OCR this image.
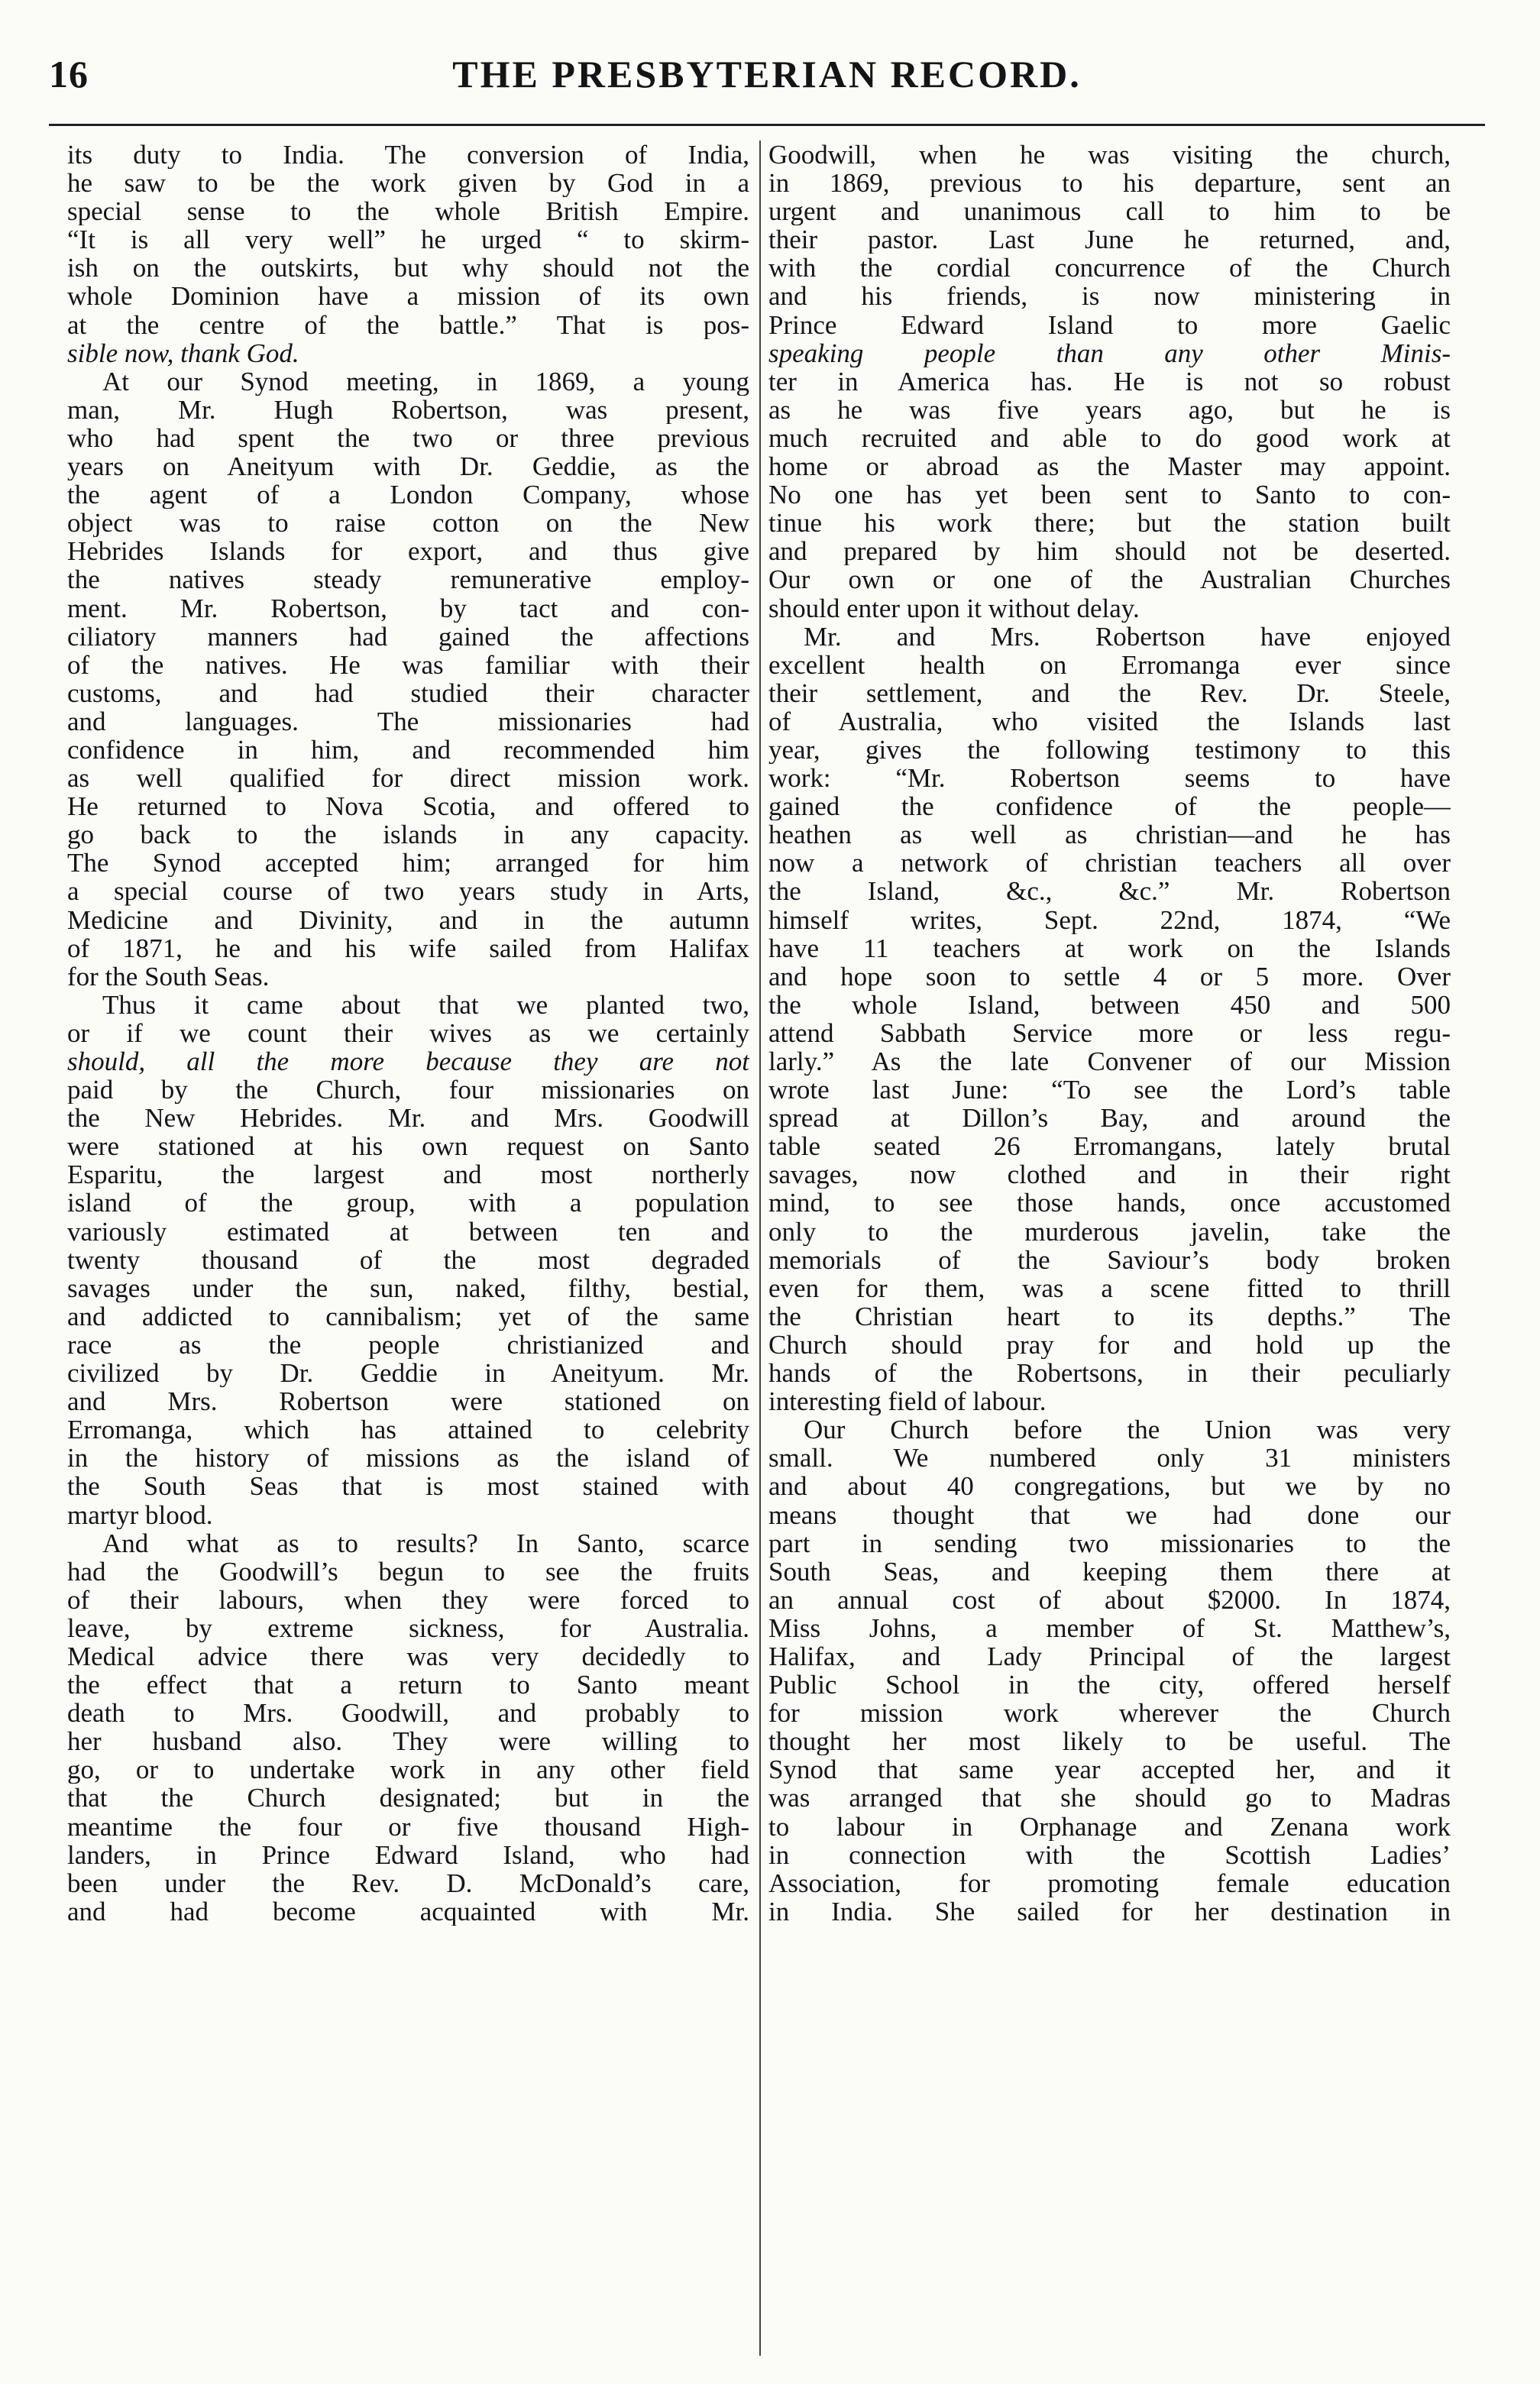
16	THE PRESBYTERIAN RECORD.
its duty to India. The conversion of India,
he saw to be the work given by God in a
special sense to the whole British Empire.
“It is all very well” he urged “ to skirm-
ish on the outskirts, but why should not the
whole Dominion have a mission of its own
at the centre of the battle.” That is pos-
sible now, thank God.
At our Synod meeting, in 1869, a young
man, Mr. Hugh Robertson, was present,
who had spent the two or three previous
years on Aneityum with Dr. Geddie, as the
the agent of a London Company, whose
object was to raise cotton on the New
Hebrides Islands for export, and thus give
the natives steady remunerative employ-
ment. Mr. Robertson, by tact and con-
ciliatory manners had gained the affections
of the natives. He was familiar with their
customs, and had studied their character
and languages. The missionaries had
confidence in him, and recommended him
as well qualified for direct mission work.
He returned to Nova Scotia, and offered to
go back to the islands in any capacity.
The Synod accepted him; arranged for him
a special course of two years study in Arts,
Medicine and Divinity, and in the autumn
of 1871, he and his wife sailed from Halifax
for the South Seas.
Thus it came about that we planted two,
or if we count their wives as we certainly
should, all the more because they are not
paid by the Church, four missionaries on
the New Hebrides. Mr. and Mrs. Goodwill
were stationed at his own request on Santo
Esparitu, the largest and most northerly
island of the group, with a population
variously estimated at between ten and
twenty thousand of the most degraded
savages under the sun, naked, filthy, bestial,
and addicted to cannibalism; yet of the same
race as the people christianized and
civilized by Dr. Geddie in Aneityum. Mr.
and Mrs. Robertson were stationed on
Erromanga, which has attained to celebrity
in the history of missions as the island of
the South Seas that is most stained with
martyr blood.
And what as to results? In Santo, scarce
had the Goodwill’s begun to see the fruits
of their labours, when they were forced to
leave, by extreme sickness, for Australia.
Medical advice there was very decidedly to
the effect that a return to Santo meant
death to Mrs. Goodwill, and probably to
her husband also. They were willing to
go, or to undertake work in any other field
that the Church designated; but in the
meantime the four or five thousand High-
landers, in Prince Edward Island, who had
been under the Rev. D. McDonald’s care,
and had become acquainted with Mr.
Goodwill, when he was visiting the church,
in 1869, previous to his departure, sent an
urgent and unanimous call to him to be
their pastor. Last June he returned, and,
with the cordial concurrence of the Church
and his friends, is now ministering in
Prince Edward Island to more Gaelic
speaking people than any other Minis-
ter in America has. He is not so robust
as he was five years ago, but he is
much recruited and able to do good work at
home or abroad as the Master may appoint.
No one has yet been sent to Santo to con-
tinue his work there; but the station built
and prepared by him should not be deserted.
Our own or one of the Australian Churches
should enter upon it without delay.
Mr. and Mrs. Robertson have enjoyed
excellent health on Erromanga ever since
their settlement, and the Rev. Dr. Steele,
of Australia, who visited the Islands last
year, gives the following testimony to this
work: “Mr. Robertson seems to have
gained the confidence of the people—
heathen as well as christian—and he has
now a network of christian teachers all over
the Island, &c., &c.” Mr. Robertson
himself writes, Sept. 22nd, 1874, “We
have 11 teachers at work on the Islands
and hope soon to settle 4 or 5 more. Over
the whole Island, between 450 and 500
attend Sabbath Service more or less regu-
larly.” As the late Convener of our Mission
wrote last June: “To see the Lord’s table
spread at Dillon’s Bay, and around the
table seated 26 Erromangans, lately brutal
savages, now clothed and in their right
mind, to see those hands, once accustomed
only to the murderous javelin, take the
memorials of the Saviour’s body broken
even for them, was a scene fitted to thrill
the Christian heart to its depths.” The
Church should pray for and hold up the
hands of the Robertsons, in their peculiarly
interesting field of labour.
Our Church before the Union was very
small. We numbered only 31 ministers
and about 40 congregations, but we by no
means thought that we had done our
part in sending two missionaries to the
South Seas, and keeping them there at
an annual cost of about $2000. In 1874,
Miss Johns, a member of St. Matthew’s,
Halifax, and Lady Principal of the largest
Public School in the city, offered herself
for mission work wherever the Church
thought her most likely to be useful. The
Synod that same year accepted her, and it
was arranged that she should go to Madras
to labour in Orphanage and Zenana work
in connection with the Scottish Ladies’
Association, for promoting female education
in India. She sailed for her destination in
